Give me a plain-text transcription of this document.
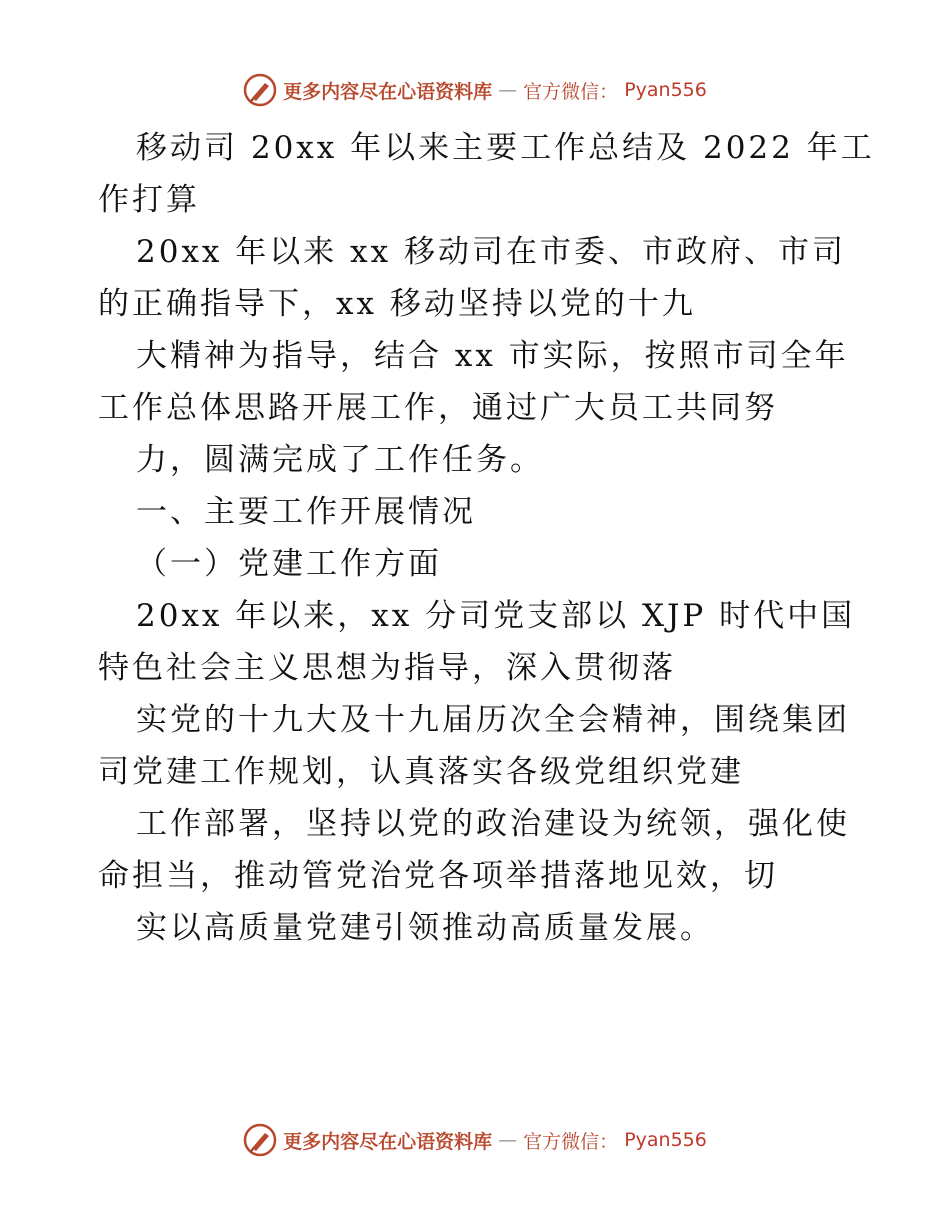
更多内容尽在心语资料库 — 官方微信： Pyan556
移动司 20xx 年以来主要工作总结及 2022 年工
作打算
20xx 年以来 xx 移动司在市委、市政府、市司
的正确指导下，xx 移动坚持以党的十九
大精神为指导，结合 xx 市实际，按照市司全年
工作总体思路开展工作，通过广大员工共同努
力，圆满完成了工作任务。
一、主要工作开展情况
（一）党建工作方面
20xx 年以来，xx 分司党支部以 XJP 时代中国
特色社会主义思想为指导，深入贯彻落
实党的十九大及十九届历次全会精神，围绕集团
司党建工作规划，认真落实各级党组织党建
工作部署，坚持以党的政治建设为统领，强化使
命担当，推动管党治党各项举措落地见效，切
实以高质量党建引领推动高质量发展。
更多内容尽在心语资料库 — 官方微信： Pyan556
